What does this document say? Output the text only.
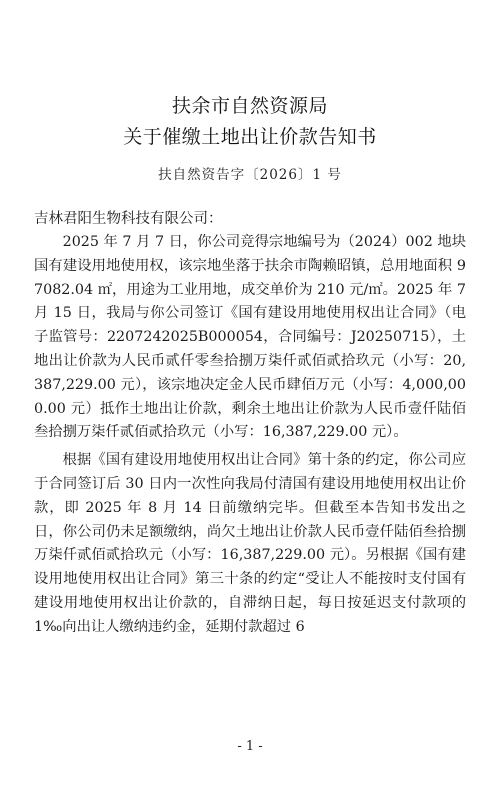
扶余市自然资源局
关于催缴土地出让价款告知书
扶自然资告字〔2026〕1 号
吉林君阳生物科技有限公司：

2025 年 7 月 7 日，你公司竞得宗地编号为（2024）002 地块国有建设用地使用权，该宗地坐落于扶余市陶赖昭镇，总用地面积 97082.04 ㎡，用途为工业用地，成交单价为 210 元/㎡。2025 年 7 月 15 日，我局与你公司签订《国有建设用地使用权出让合同》（电子监管号：2207242025B000054，合同编号：J20250715），土地出让价款为人民币贰仟零叁拾捌万柒仟贰佰贰拾玖元（小写：20,387,229.00 元），该宗地决定金人民币肆佰万元（小写：4,000,000.00 元）抵作土地出让价款，剩余土地出让价款为人民币壹仟陆佰叁拾捌万柒仟贰佰贰拾玖元（小写：16,387,229.00 元）。

根据《国有建设用地使用权出让合同》第十条的约定，你公司应于合同签订后 30 日内一次性向我局付清国有建设用地使用权出让价款，即 2025 年 8 月 14 日前缴纳完毕。但截至本告知书发出之日，你公司仍未足额缴纳，尚欠土地出让价款人民币壹仟陆佰叁拾捌万柒仟贰佰贰拾玖元（小写：16,387,229.00 元）。另根据《国有建设用地使用权出让合同》第三十条的约定“受让人不能按时支付国有建设用地使用权出让价款的，自滞纳日起，每日按延迟支付款项的 1‰向出让人缴纳违约金，延期付款超过 6

- 1 -
